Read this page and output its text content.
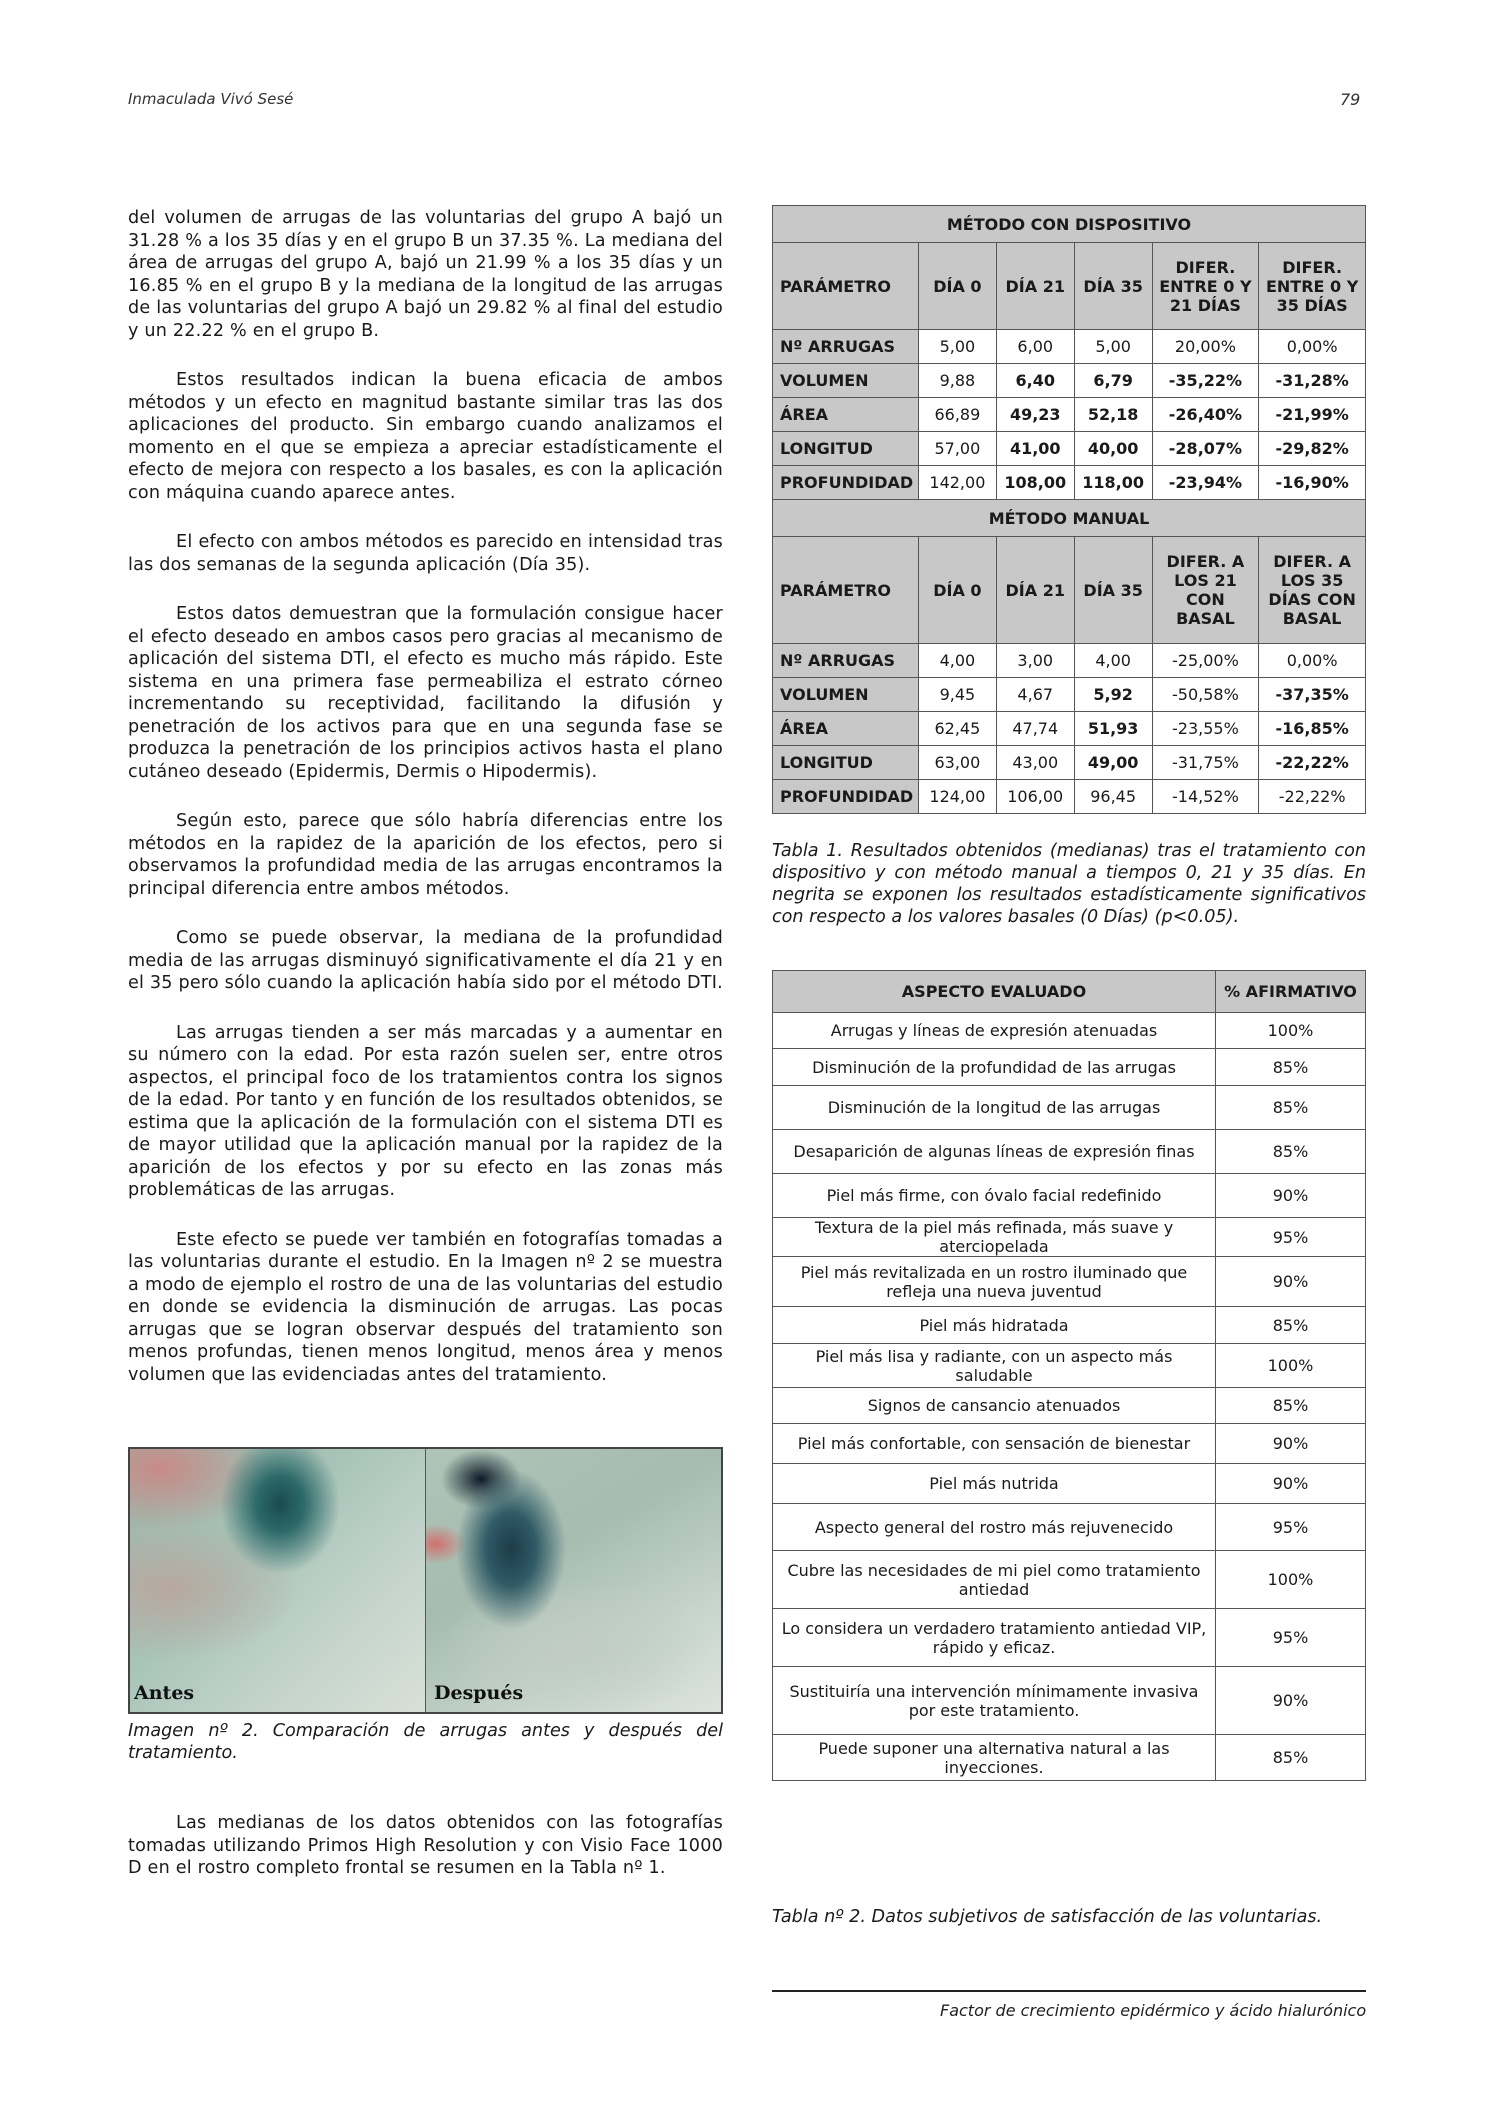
Inmaculada Vivó Sesé	79

del volumen de arrugas de las voluntarias del grupo A bajó un 31.28 % a los 35 días y en el grupo B un 37.35 %. La mediana del área de arrugas del grupo A, bajó un 21.99 % a los 35 días y un 16.85 % en el grupo B y la mediana de la longitud de las arrugas de las voluntarias del grupo A bajó un 29.82 % al final del estudio y un 22.22 % en el grupo B.

Estos resultados indican la buena eficacia de ambos métodos y un efecto en magnitud bastante similar tras las dos aplicaciones del producto. Sin embargo cuando analizamos el momento en el que se empieza a apreciar estadísticamente el efecto de mejora con respecto a los basales, es con la aplicación con máquina cuando aparece antes.

El efecto con ambos métodos es parecido en intensidad tras las dos semanas de la segunda aplicación (Día 35).

Estos datos demuestran que la formulación consigue hacer el efecto deseado en ambos casos pero gracias al mecanismo de aplicación del sistema DTI, el efecto es mucho más rápido. Este sistema en una primera fase permeabiliza el estrato córneo incrementando su receptividad, facilitando la difusión y penetración de los activos para que en una segunda fase se produzca la penetración de los principios activos hasta el plano cutáneo deseado (Epidermis, Dermis o Hipodermis).

Según esto, parece que sólo habría diferencias entre los métodos en la rapidez de la aparición de los efectos, pero si observamos la profundidad media de las arrugas encontramos la principal diferencia entre ambos métodos.

Como se puede observar, la mediana de la profundidad media de las arrugas disminuyó significativamente el día 21 y en el 35 pero sólo cuando la aplicación había sido por el método DTI.

Las arrugas tienden a ser más marcadas y a aumentar en su número con la edad. Por esta razón suelen ser, entre otros aspectos, el principal foco de los tratamientos contra los signos de la edad. Por tanto y en función de los resultados obtenidos, se estima que la aplicación de la formulación con el sistema DTI es de mayor utilidad que la aplicación manual por la rapidez de la aparición de los efectos y por su efecto en las zonas más problemáticas de las arrugas.

Este efecto se puede ver también en fotografías tomadas a las voluntarias durante el estudio. En la Imagen nº 2 se muestra a modo de ejemplo el rostro de una de las voluntarias del estudio en donde se evidencia la disminución de arrugas. Las pocas arrugas que se logran observar después del tratamiento son menos profundas, tienen menos longitud, menos área y menos volumen que las evidenciadas antes del tratamiento.

Antes	Después
Imagen nº 2. Comparación de arrugas antes y después del tratamiento.

Las medianas de los datos obtenidos con las fotografías tomadas utilizando Primos High Resolution y con Visio Face 1000 D en el rostro completo frontal se resumen en la Tabla nº 1.

MÉTODO CON DISPOSITIVO					
PARÁMETRO	DÍA 0	DÍA 21	DÍA 35	DIFER. ENTRE 0 Y 21 DÍAS	DIFER. ENTRE 0 Y 35 DÍAS
Nº ARRUGAS	5,00	6,00	5,00	20,00%	0,00%
VOLUMEN	9,88	6,40	6,79	-35,22%	-31,28%
ÁREA	66,89	49,23	52,18	-26,40%	-21,99%
LONGITUD	57,00	41,00	40,00	-28,07%	-29,82%
PROFUNDIDAD	142,00	108,00	118,00	-23,94%	-16,90%
MÉTODO MANUAL					
PARÁMETRO	DÍA 0	DÍA 21	DÍA 35	DIFER. A LOS 21 CON BASAL	DIFER. A LOS 35 DÍAS CON BASAL
Nº ARRUGAS	4,00	3,00	4,00	-25,00%	0,00%
VOLUMEN	9,45	4,67	5,92	-50,58%	-37,35%
ÁREA	62,45	47,74	51,93	-23,55%	-16,85%
LONGITUD	63,00	43,00	49,00	-31,75%	-22,22%
PROFUNDIDAD	124,00	106,00	96,45	-14,52%	-22,22%
Tabla 1. Resultados obtenidos (medianas) tras el tratamiento con dispositivo y con método manual a tiempos 0, 21 y 35 días. En negrita se exponen los resultados estadísticamente significativos con respecto a los valores basales (0 Días) (p<0.05).
ASPECTO EVALUADO	% AFIRMATIVO
Arrugas y líneas de expresión atenuadas	100%
Disminución de la profundidad de las arrugas	85%
Disminución de la longitud de las arrugas	85%
Desaparición de algunas líneas de expresión finas	85%
Piel más firme, con óvalo facial redefinido	90%
Textura de la piel más refinada, más suave y aterciopelada	95%
Piel más revitalizada en un rostro iluminado que refleja una nueva juventud	90%
Piel más hidratada	85%
Piel más lisa y radiante, con un aspecto más saludable	100%
Signos de cansancio atenuados	85%
Piel más confortable, con sensación de bienestar	90%
Piel más nutrida	90%
Aspecto general del rostro más rejuvenecido	95%
Cubre las necesidades de mi piel como tratamiento antiedad	100%
Lo considera un verdadero tratamiento antiedad VIP, rápido y eficaz.	95%
Sustituiría una intervención mínimamente invasiva por este tratamiento.	90%
Puede suponer una alternativa natural a las inyecciones.	85%
Tabla nº 2. Datos subjetivos de satisfacción de las voluntarias.
Factor de crecimiento epidérmico y ácido hialurónico
